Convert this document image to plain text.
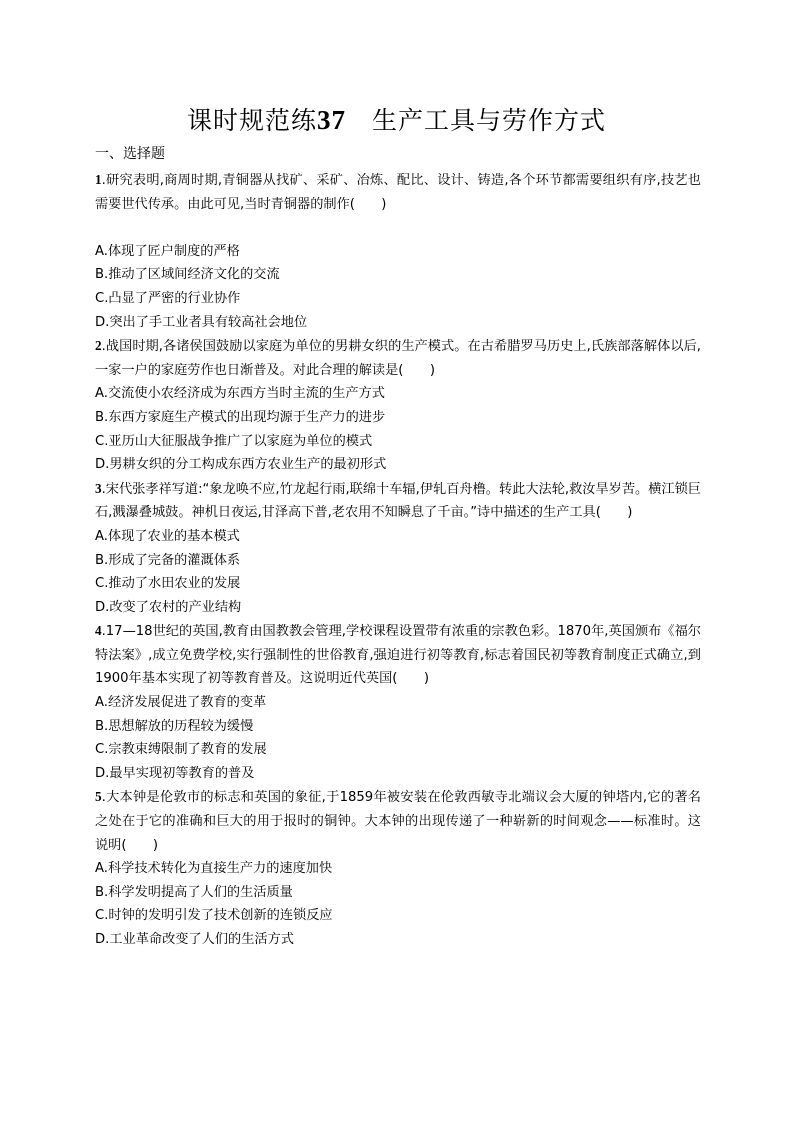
课时规范练37 生产工具与劳作方式

一、选择题

1.研究表明,商周时期,青铜器从找矿、采矿、冶炼、配比、设计、铸造,各个环节都需要组织有序,技艺也需要世代传承。由此可见,当时青铜器的制作(　　)

A.体现了匠户制度的严格

B.推动了区域间经济文化的交流

C.凸显了严密的行业协作

D.突出了手工业者具有较高社会地位

2.战国时期,各诸侯国鼓励以家庭为单位的男耕女织的生产模式。在古希腊罗马历史上,氏族部落解体以后,一家一户的家庭劳作也日渐普及。对此合理的解读是(　　)

A.交流使小农经济成为东西方当时主流的生产方式

B.东西方家庭生产模式的出现均源于生产力的进步

C.亚历山大征服战争推广了以家庭为单位的模式

D.男耕女织的分工构成东西方农业生产的最初形式

3.宋代张孝祥写道:“象龙唤不应,竹龙起行雨,联绵十车辐,伊轧百舟橹。转此大法轮,救汝旱岁苦。横江锁巨石,溅瀑叠城鼓。神机日夜运,甘泽高下普,老农用不知瞬息了千亩。”诗中描述的生产工具(　　)

A.体现了农业的基本模式

B.形成了完备的灌溉体系

C.推动了水田农业的发展

D.改变了农村的产业结构

4.17—18世纪的英国,教育由国教教会管理,学校课程设置带有浓重的宗教色彩。1870年,英国颁布《福尔特法案》,成立免费学校,实行强制性的世俗教育,强迫进行初等教育,标志着国民初等教育制度正式确立,到1900年基本实现了初等教育普及。这说明近代英国(　　)

A.经济发展促进了教育的变革

B.思想解放的历程较为缓慢

C.宗教束缚限制了教育的发展

D.最早实现初等教育的普及

5.大本钟是伦敦市的标志和英国的象征,于1859年被安装在伦敦西敏寺北端议会大厦的钟塔内,它的著名之处在于它的准确和巨大的用于报时的铜钟。大本钟的出现传递了一种崭新的时间观念——标准时。这说明(　　)

A.科学技术转化为直接生产力的速度加快

B.科学发明提高了人们的生活质量

C.时钟的发明引发了技术创新的连锁反应

D.工业革命改变了人们的生活方式
